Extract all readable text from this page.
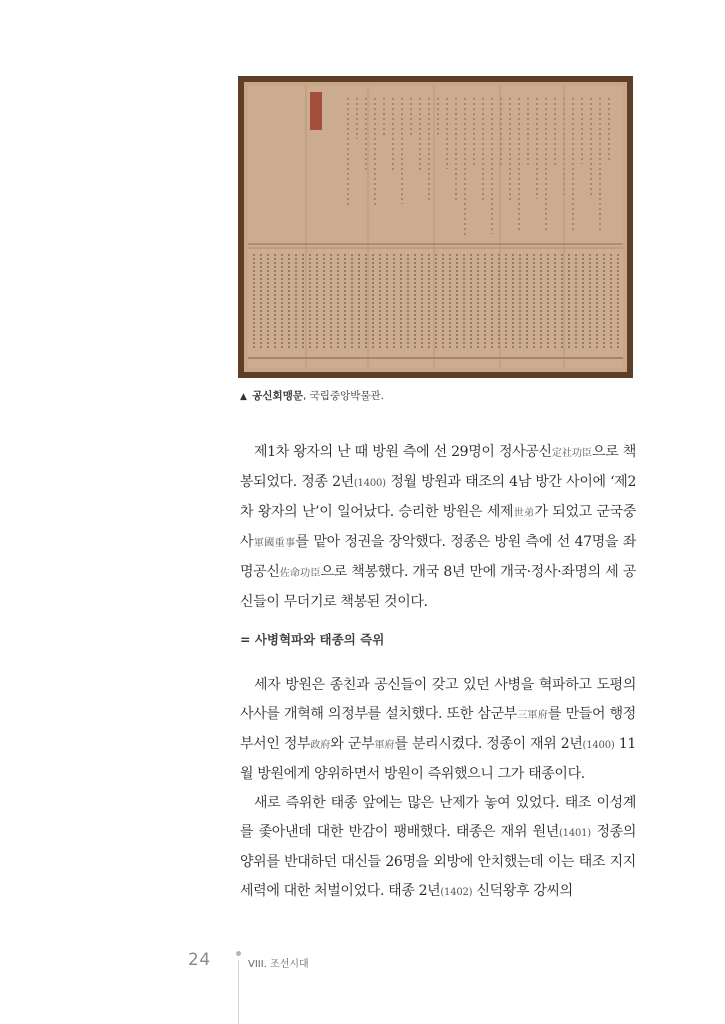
▲ 공신회맹문, 국립중앙박물관.

제1차 왕자의 난 때 방원 측에 선 29명이 정사공신定社功臣으로 책봉되었다. 정종 2년(1400) 정월 방원과 태조의 4남 방간 사이에 ‘제2차 왕자의 난’이 일어났다. 승리한 방원은 세제世弟가 되었고 군국중사軍國重事를 맡아 정권을 장악했다. 정종은 방원 측에 선 47명을 좌명공신佐命功臣으로 책봉했다. 개국 8년 만에 개국·정사·좌명의 세 공신들이 무더기로 책봉된 것이다.

= 사병혁파와 태종의 즉위

세자 방원은 종친과 공신들이 갖고 있던 사병을 혁파하고 도평의사사를 개혁해 의정부를 설치했다. 또한 삼군부三軍府를 만들어 행정부서인 정부政府와 군부軍府를 분리시켰다. 정종이 재위 2년(1400) 11월 방원에게 양위하면서 방원이 즉위했으니 그가 태종이다.

새로 즉위한 태종 앞에는 많은 난제가 놓여 있었다. 태조 이성계를 좇아낸데 대한 반감이 팽배했다. 태종은 재위 원년(1401) 정종의 양위를 반대하던 대신들 26명을 외방에 안치했는데 이는 태조 지지세력에 대한 처벌이었다. 태종 2년(1402) 신덕왕후 강씨의

24	VIII. 조선시대
